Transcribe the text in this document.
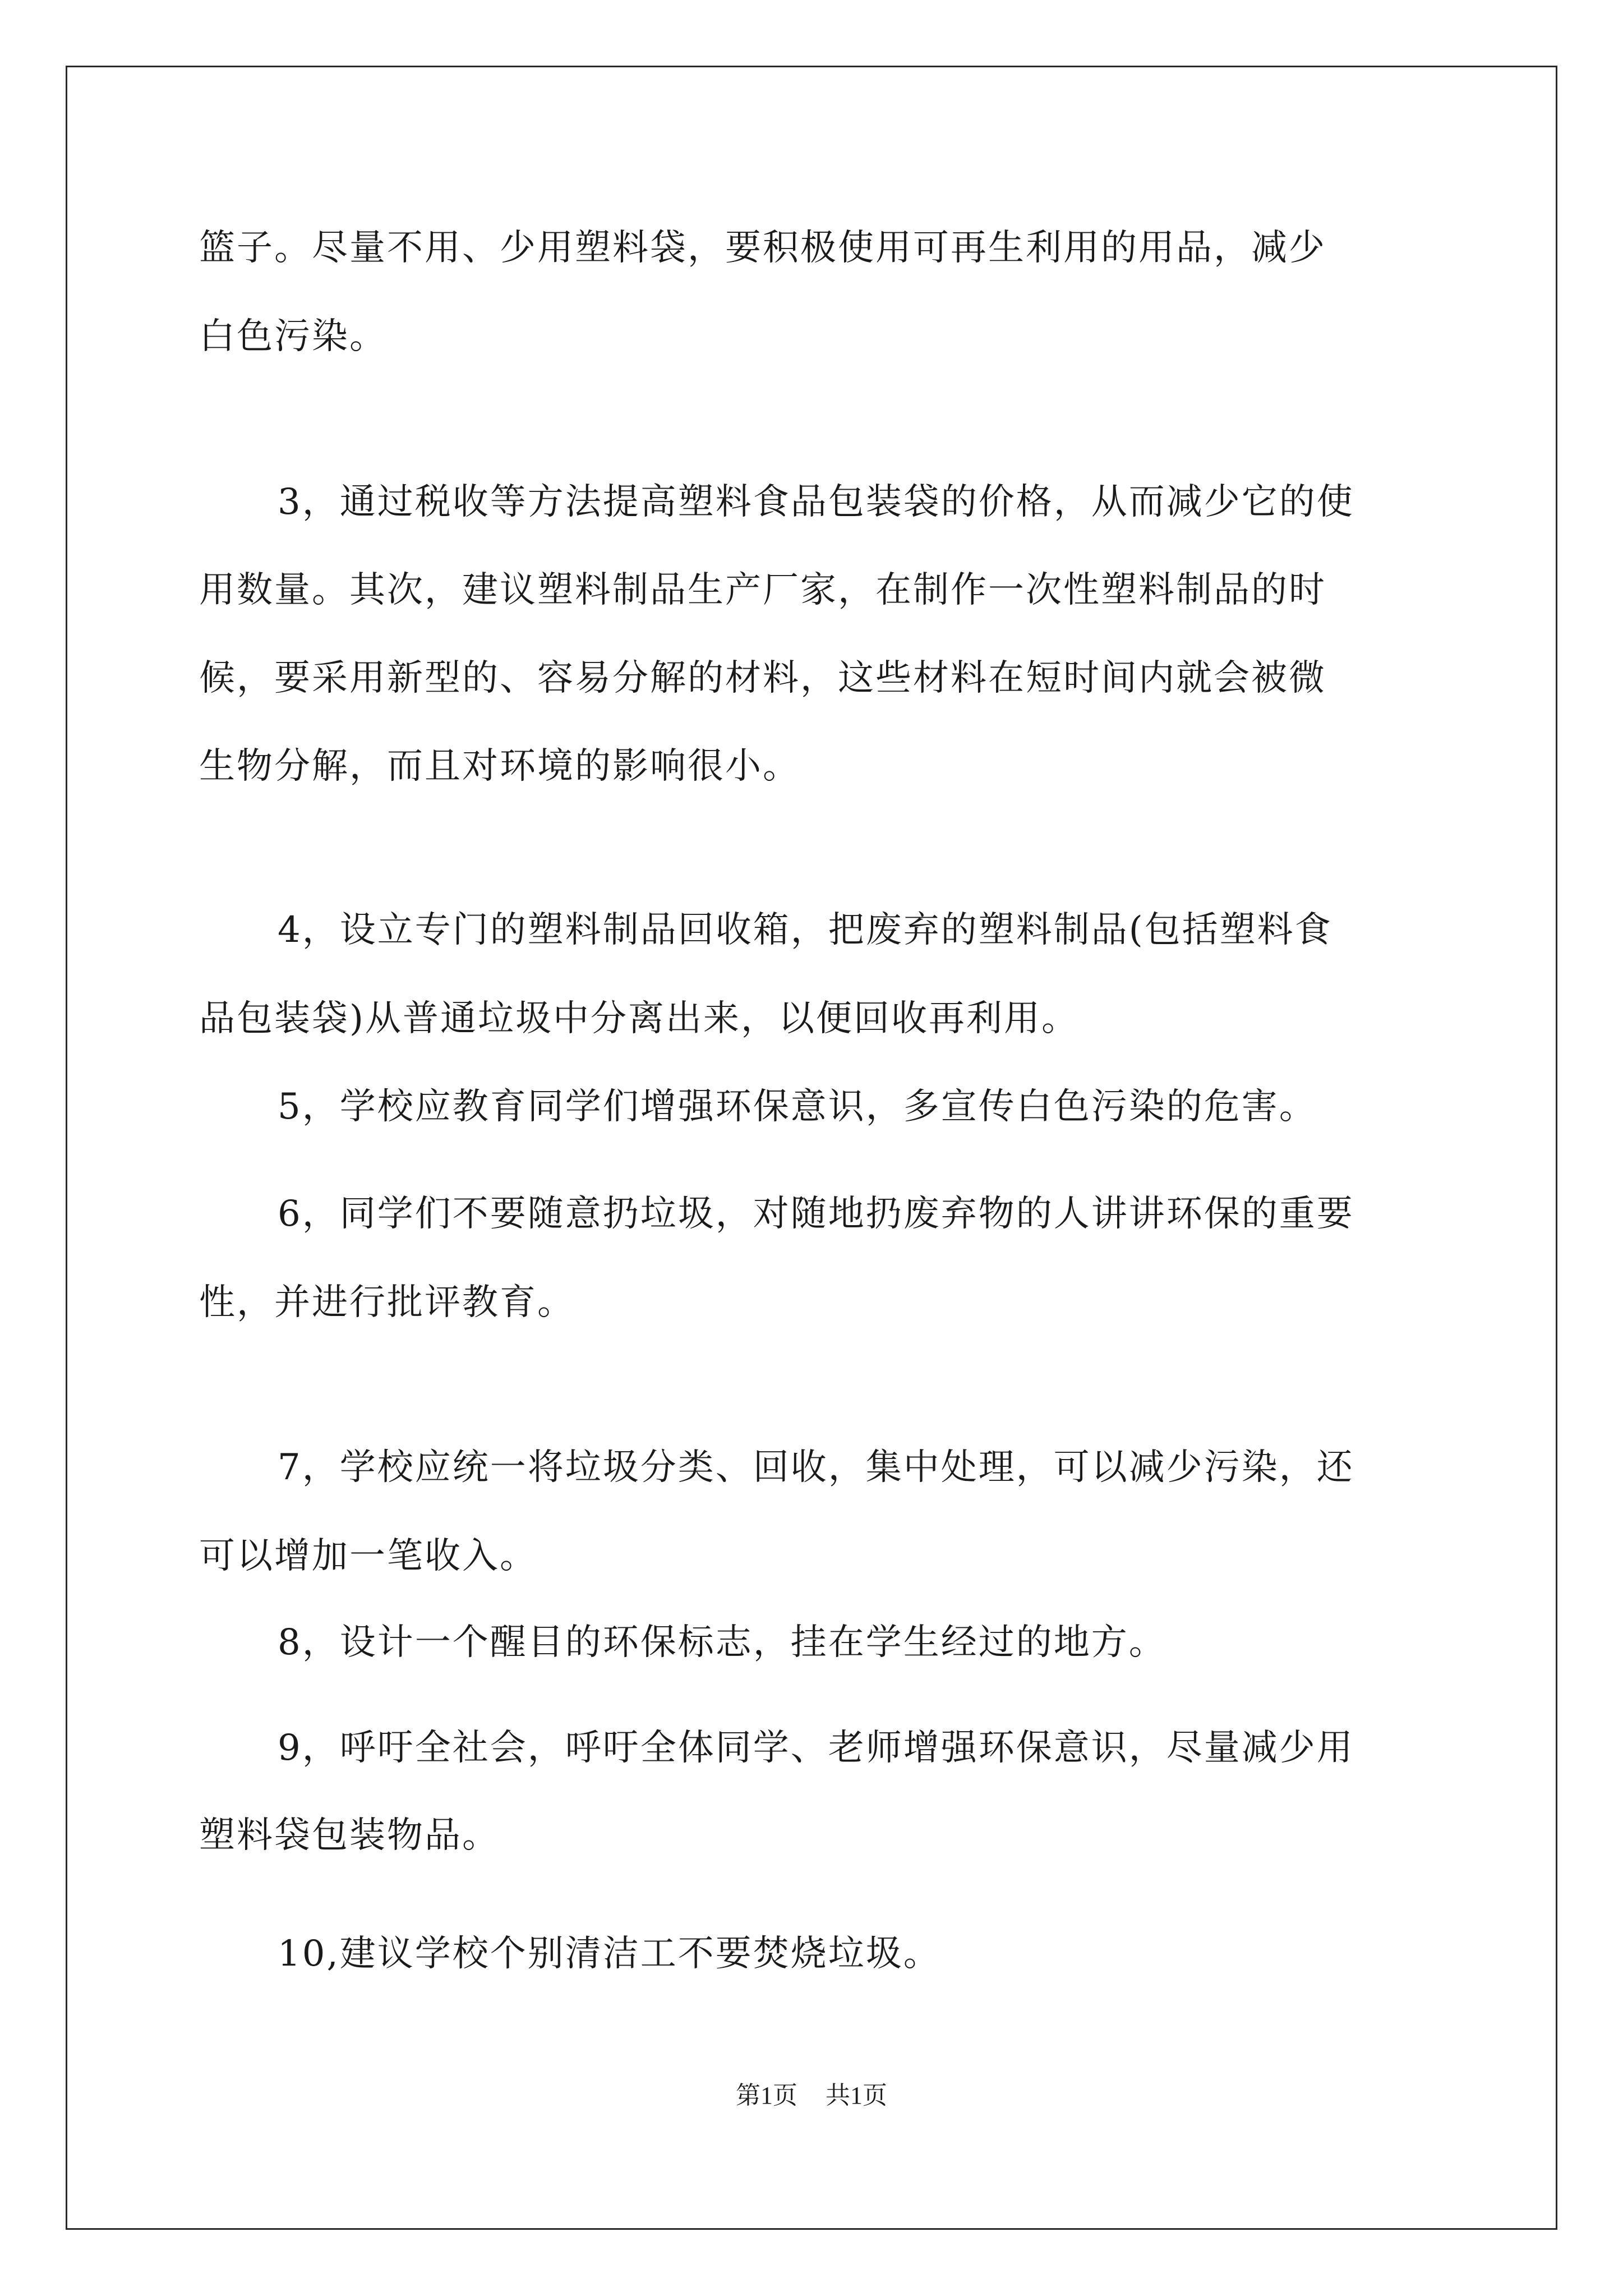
篮子。尽量不用、少用塑料袋，要积极使用可再生利用的用品，减少
白色污染。
3，通过税收等方法提高塑料食品包装袋的价格，从而减少它的使
用数量。其次，建议塑料制品生产厂家，在制作一次性塑料制品的时
候，要采用新型的、容易分解的材料，这些材料在短时间内就会被微
生物分解，而且对环境的影响很小。
4，设立专门的塑料制品回收箱，把废弃的塑料制品(包括塑料食
品包装袋)从普通垃圾中分离出来，以便回收再利用。
5，学校应教育同学们增强环保意识，多宣传白色污染的危害。
6，同学们不要随意扔垃圾，对随地扔废弃物的人讲讲环保的重要
性，并进行批评教育。
7，学校应统一将垃圾分类、回收，集中处理，可以减少污染，还
可以增加一笔收入。
8，设计一个醒目的环保标志，挂在学生经过的地方。
9，呼吁全社会，呼吁全体同学、老师增强环保意识，尽量减少用
塑料袋包装物品。
10,建议学校个别清洁工不要焚烧垃圾。
第1页 共1页
